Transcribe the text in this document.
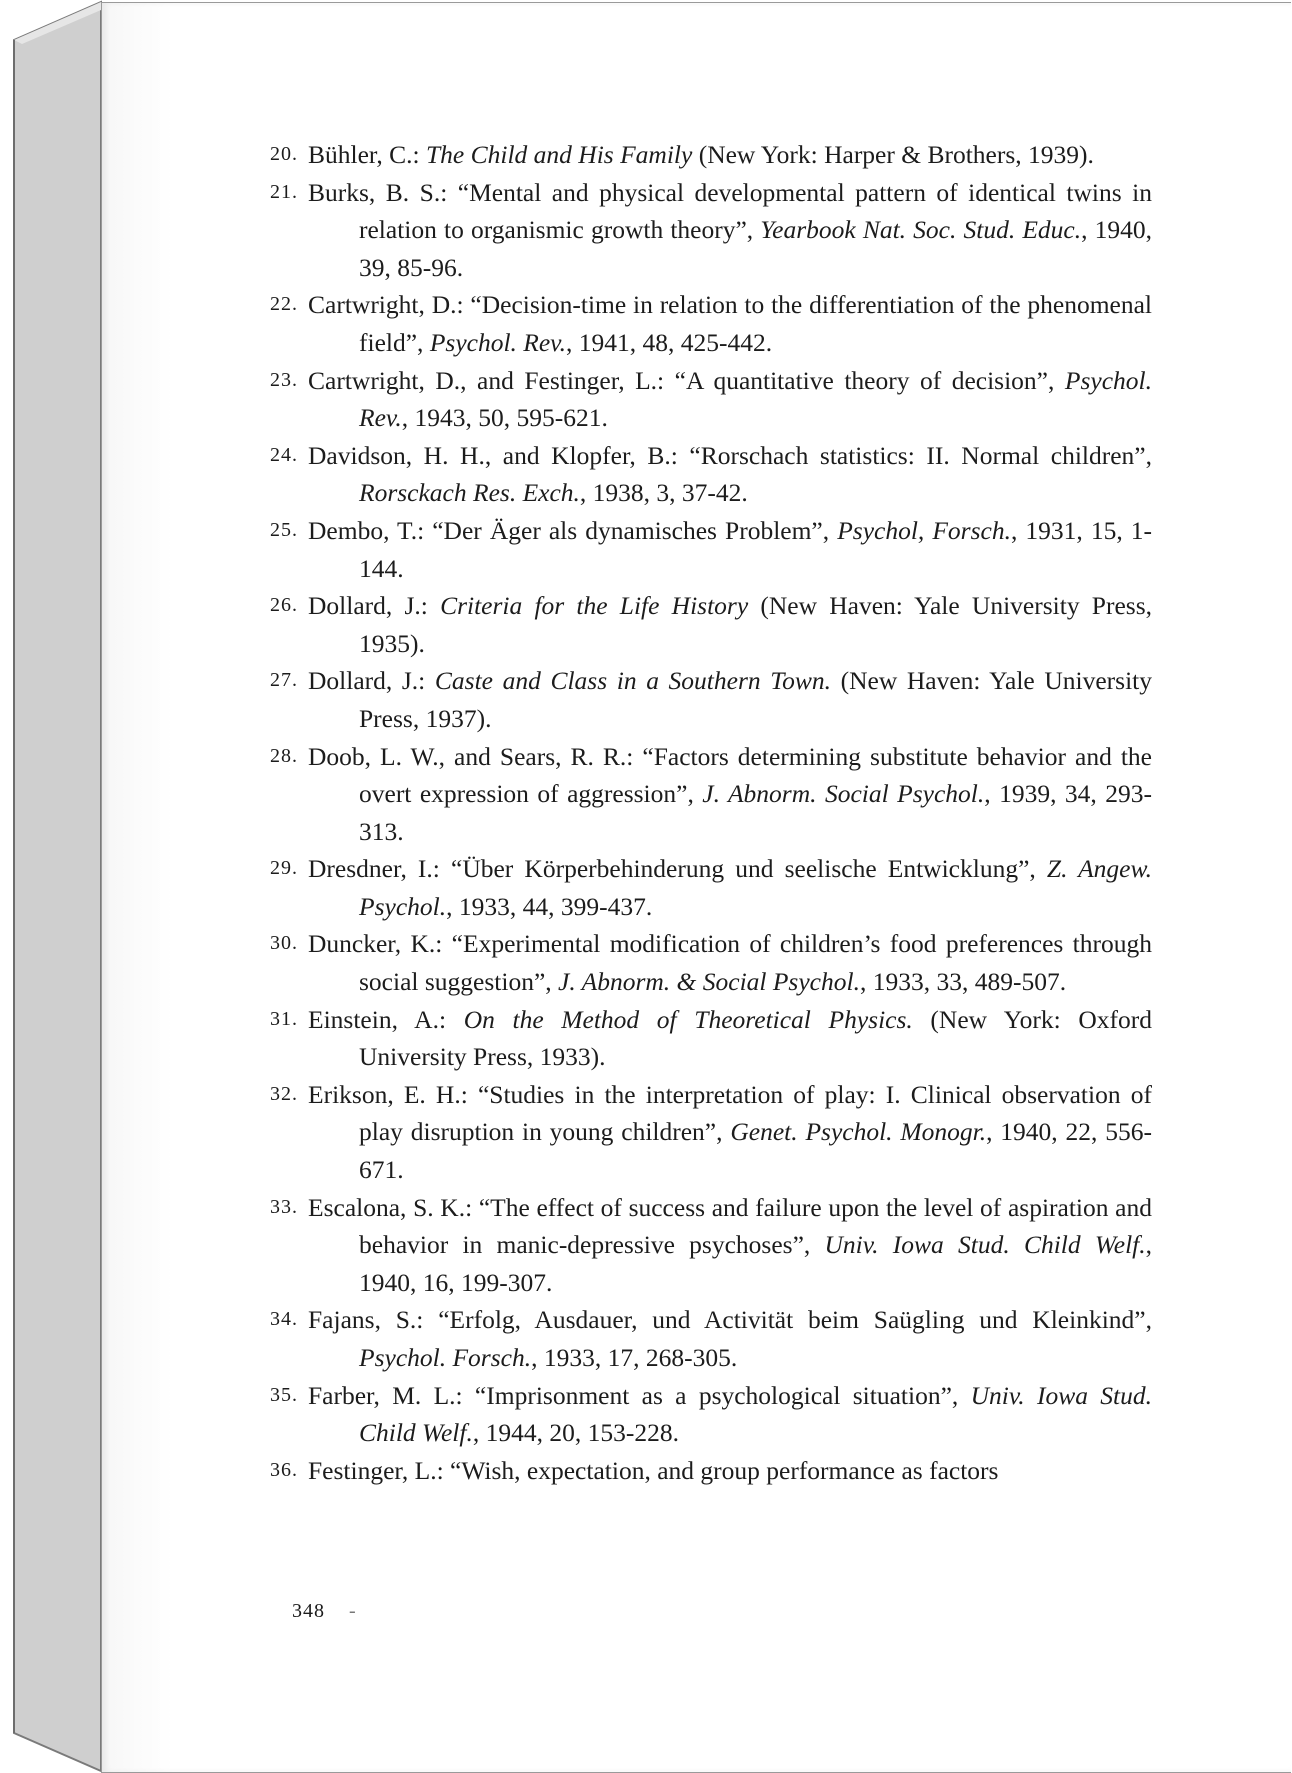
20. Bühler, C.: The Child and His Family (New York: Harper & Brothers, 1939).
21. Burks, B. S.: “Mental and physical developmental pattern of identical twins in relation to organismic growth theory”, Yearbook Nat. Soc. Stud. Educ., 1940, 39, 85-96.
22. Cartwright, D.: “Decision-time in relation to the differentiation of the phenomenal field”, Psychol. Rev., 1941, 48, 425-442.
23. Cartwright, D., and Festinger, L.: “A quantitative theory of decision”, Psychol. Rev., 1943, 50, 595-621.
24. Davidson, H. H., and Klopfer, B.: “Rorschach statistics: II. Normal children”, Rorsckach Res. Exch., 1938, 3, 37-42.
25. Dembo, T.: “Der Äger als dynamisches Problem”, Psychol, Forsch., 1931, 15, 1-144.
26. Dollard, J.: Criteria for the Life History (New Haven: Yale University Press, 1935).
27. Dollard, J.: Caste and Class in a Southern Town. (New Haven: Yale University Press, 1937).
28. Doob, L. W., and Sears, R. R.: “Factors determining substitute behavior and the overt expression of aggression”, J. Abnorm. Social Psychol., 1939, 34, 293-313.
29. Dresdner, I.: “Über Körperbehinderung und seelische Entwicklung”, Z. Angew. Psychol., 1933, 44, 399-437.
30. Duncker, K.: “Experimental modification of children’s food preferences through social suggestion”, J. Abnorm. & Social Psychol., 1933, 33, 489-507.
31. Einstein, A.: On the Method of Theoretical Physics. (New York: Oxford University Press, 1933).
32. Erikson, E. H.: “Studies in the interpretation of play: I. Clinical observation of play disruption in young children”, Genet. Psychol. Monogr., 1940, 22, 556-671.
33. Escalona, S. K.: “The effect of success and failure upon the level of aspiration and behavior in manic-depressive psychoses”, Univ. Iowa Stud. Child Welf., 1940, 16, 199-307.
34. Fajans, S.: “Erfolg, Ausdauer, und Activität beim Saügling und Kleinkind”, Psychol. Forsch., 1933, 17, 268-305.
35. Farber, M. L.: “Imprisonment as a psychological situation”, Univ. Iowa Stud. Child Welf., 1944, 20, 153-228.
36. Festinger, L.: “Wish, expectation, and group performance as factors
348 -
